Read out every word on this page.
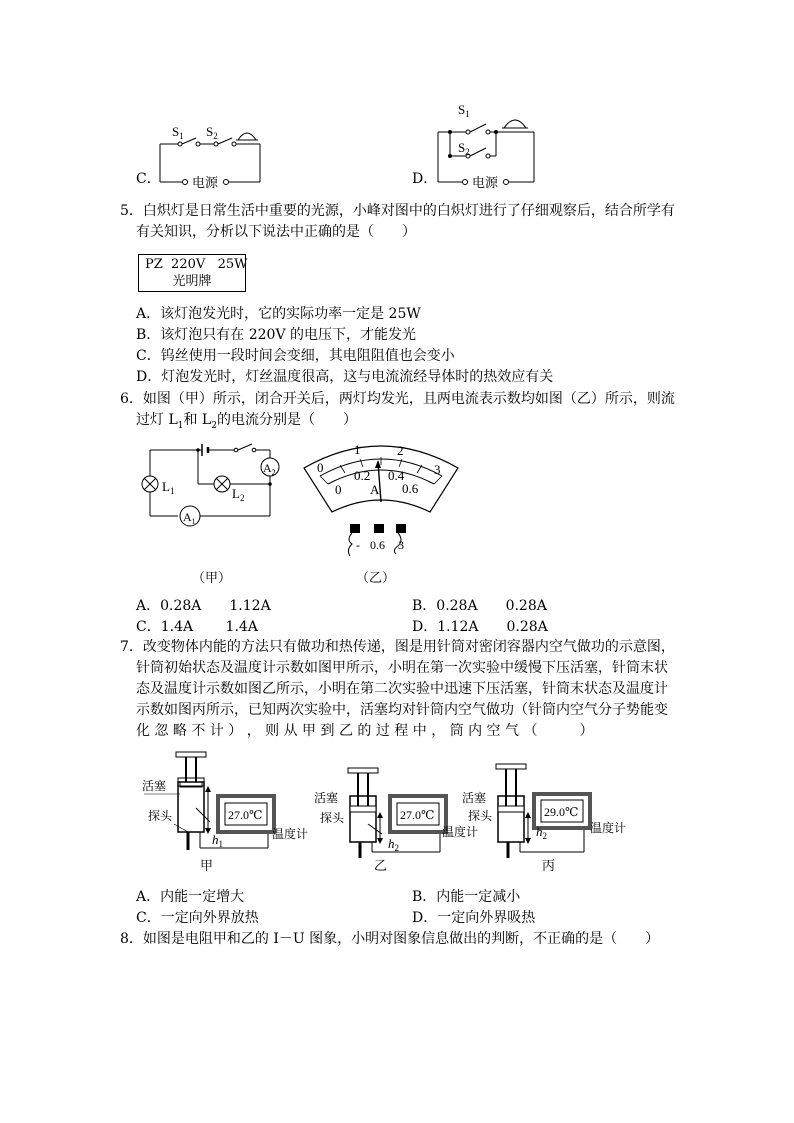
C．
$S_1$ $S_2$
电源	D．
$S_1$
$S_2$
电源
5．白炽灯是日常生活中重要的光源，小峰对图中的白炽灯进行了仔细观察后，结合所学有
有关知识，分析以下说法中正确的是（　　）
PZ  220V   25W
光明牌
A．该灯泡发光时，它的实际功率一定是 25W
B．该灯泡只有在 220V 的电压下，才能发光
C．钨丝使用一段时间会变细，其电阻阻值也会变小
D．灯泡发光时，灯丝温度很高，这与电流流经导体时的热效应有关
6．如图（甲）所示，闭合开关后，两灯均发光，且两电流表示数均如图（乙）所示，则流
过灯 $L_1$和 $L_2$的电流分别是（　　）
$L_1$	$L_2$
$A_2$
$A_1$
（甲）
0
1	2
3
0
0.2 0.4
0.6
A
- 0.6 3
（乙）
A．0.28A　　1.12A	B．0.28A　　0.28A
C．1.4A　　 1.4A	D．1.12A　　0.28A
7．改变物体内能的方法只有做功和热传递，图是用针筒对密闭容器内空气做功的示意图，
针筒初始状态及温度计示数如图甲所示，小明在第一次实验中缓慢下压活塞，针筒末状
态及温度计示数如图乙所示，小明在第二次实验中迅速下压活塞，针筒末状态及温度计
示数如图丙所示，已知两次实验中，活塞均对针筒内空气做功（针筒内空气分子势能变
化 忽 略 不 计 ） ， 则 从 甲 到 乙 的 过 程 中 ， 筒 内 空 气 （　　　）
27.0℃
活塞
探头
温度计
$h_1$
甲
27.0℃
活塞
探头
温度计
$h_2$
乙
29.0℃
活塞
探头
温度计
$h_2$
丙
A．内能一定增大	B．内能一定减小
C．一定向外界放热	D．一定向外界吸热
8．如图是电阻甲和乙的 I－U 图象，小明对图象信息做出的判断，不正确的是（　　）
